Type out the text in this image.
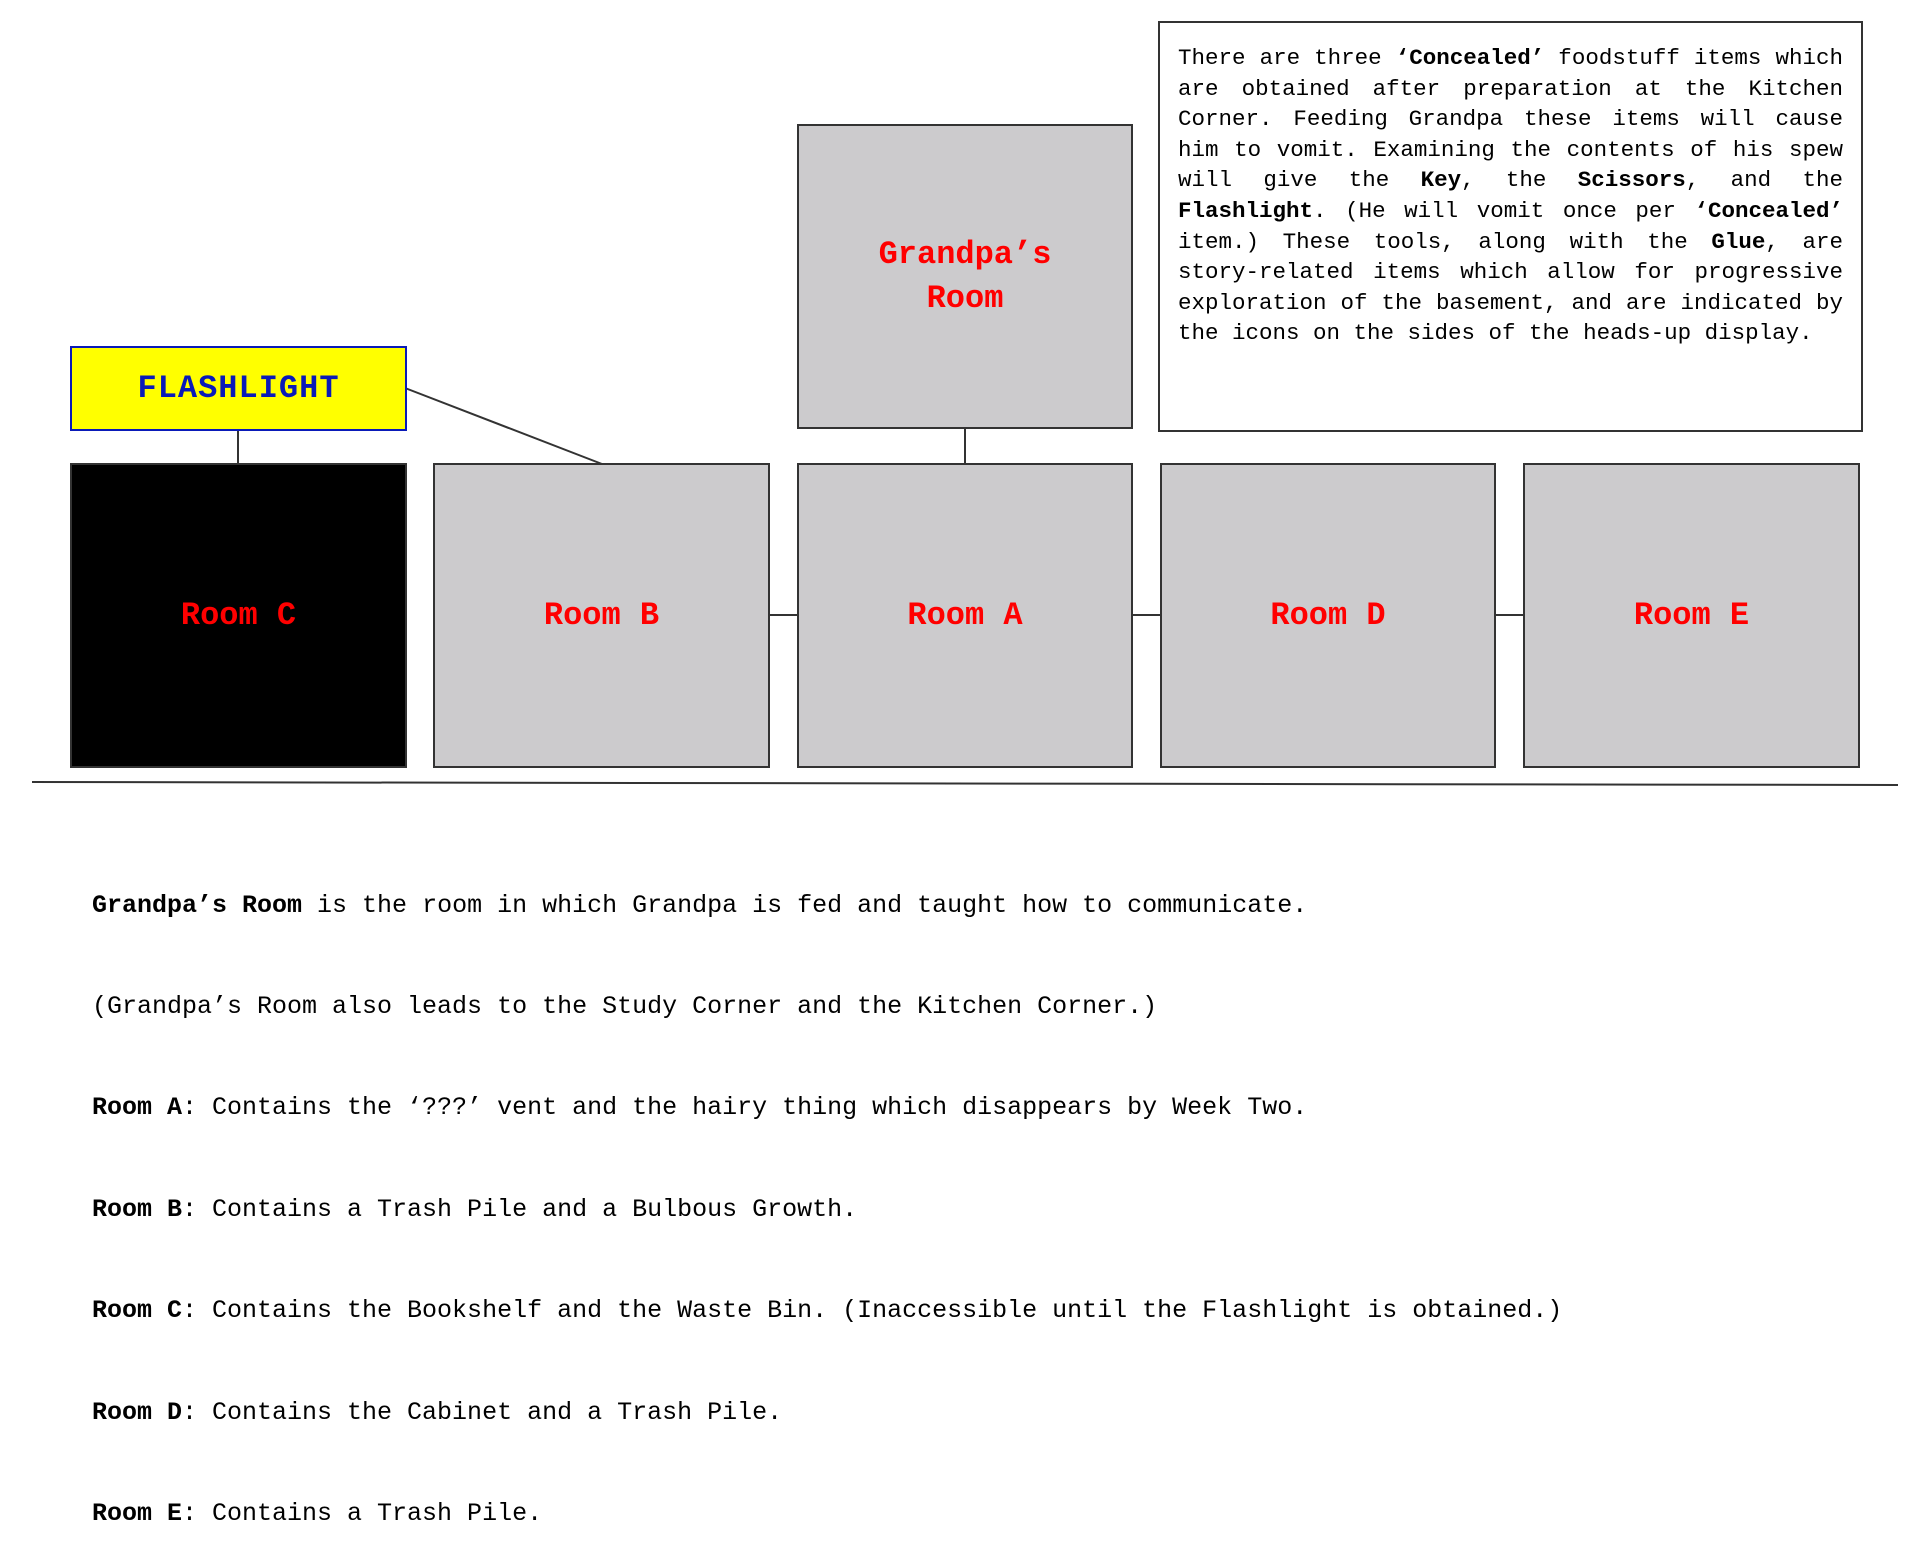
FLASHLIGHT
Grandpa’s Room
Room C	Room B	Room A	Room D	Room E
There are three ‘Concealed’ foodstuff items which are obtained after preparation at the Kitchen Corner. Feeding Grandpa these items will cause him to vomit. Examining the contents of his spew will give the Key, the Scissors, and the Flashlight. (He will vomit once per ‘Concealed’ item.) These tools, along with the Glue, are story-related items which allow for progressive exploration of the basement, and are indicated by the icons on the sides of the heads-up display.

Grandpa’s Room is the room in which Grandpa is fed and taught how to communicate.

(Grandpa’s Room also leads to the Study Corner and the Kitchen Corner.)

Room A: Contains the ‘???’ vent and the hairy thing which disappears by Week Two.

Room B: Contains a Trash Pile and a Bulbous Growth.

Room C: Contains the Bookshelf and the Waste Bin. (Inaccessible until the Flashlight is obtained.)

Room D: Contains the Cabinet and a Trash Pile.

Room E: Contains a Trash Pile.
